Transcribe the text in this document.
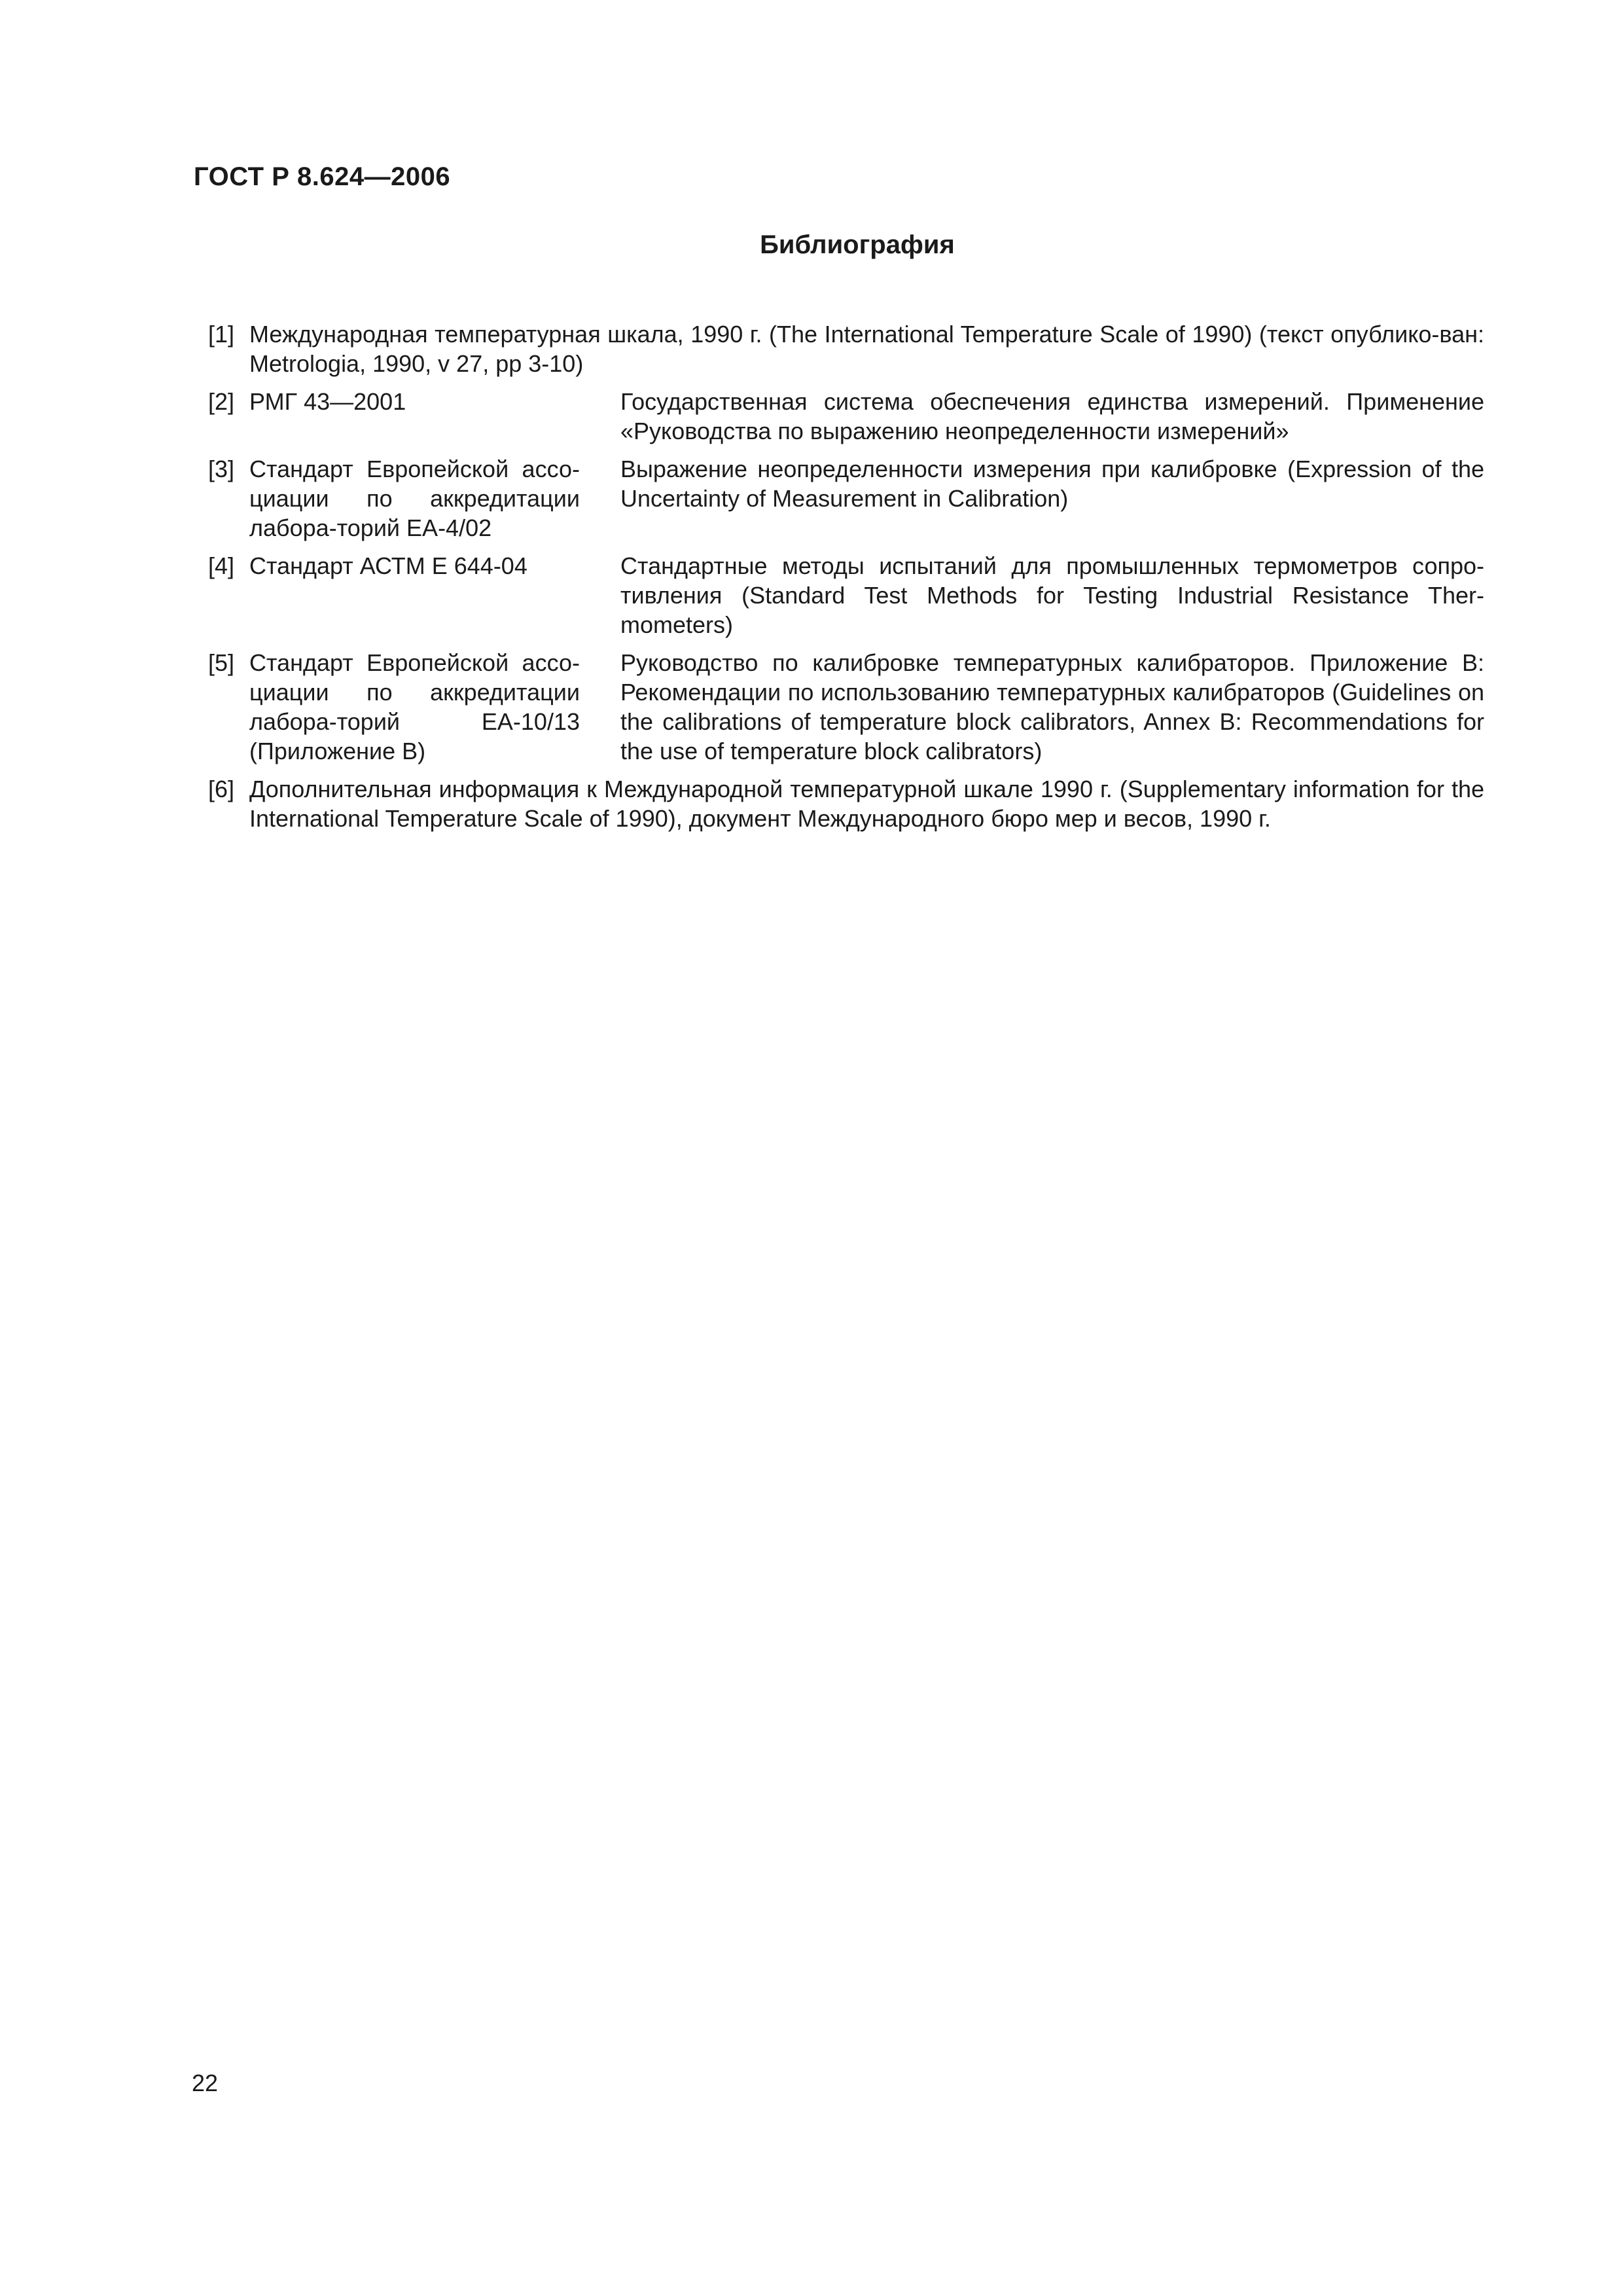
ГОСТ Р 8.624—2006
Библиография
[1] Международная температурная шкала, 1990 г. (The International Temperature Scale of 1990) (текст опублико-ван: Metrologia, 1990, v 27, pp 3-10)
[2] РМГ 43—2001	Государственная система обеспечения единства измерений. Применение «Руководства по выражению неопределенности измерений»
[3] Стандарт Европейской ассо-циации по аккредитации лабора-торий EA-4/02
Выражение неопределенности измерения при калибровке (Expression of the Uncertainty of Measurement in Calibration)
[4] Стандарт АСТМ Е 644-04	Стандартные методы испытаний для промышленных термометров сопро-тивления (Standard Test Methods for Testing Industrial Resistance Ther-mometers)
[5] Стандарт Европейской ассо-циации по аккредитации лабора-торий EA-10/13 (Приложение B)
Руководство по калибровке температурных калибраторов. Приложение B: Рекомендации по использованию температурных калибраторов (Guidelines on the calibrations of temperature block calibrators, Annex B: Recommendations for the use of temperature block calibrators)
[6] Дополнительная информация к Международной температурной шкале 1990 г. (Supplementary information for the International Temperature Scale of 1990), документ Международного бюро мер и весов, 1990 г.
22
